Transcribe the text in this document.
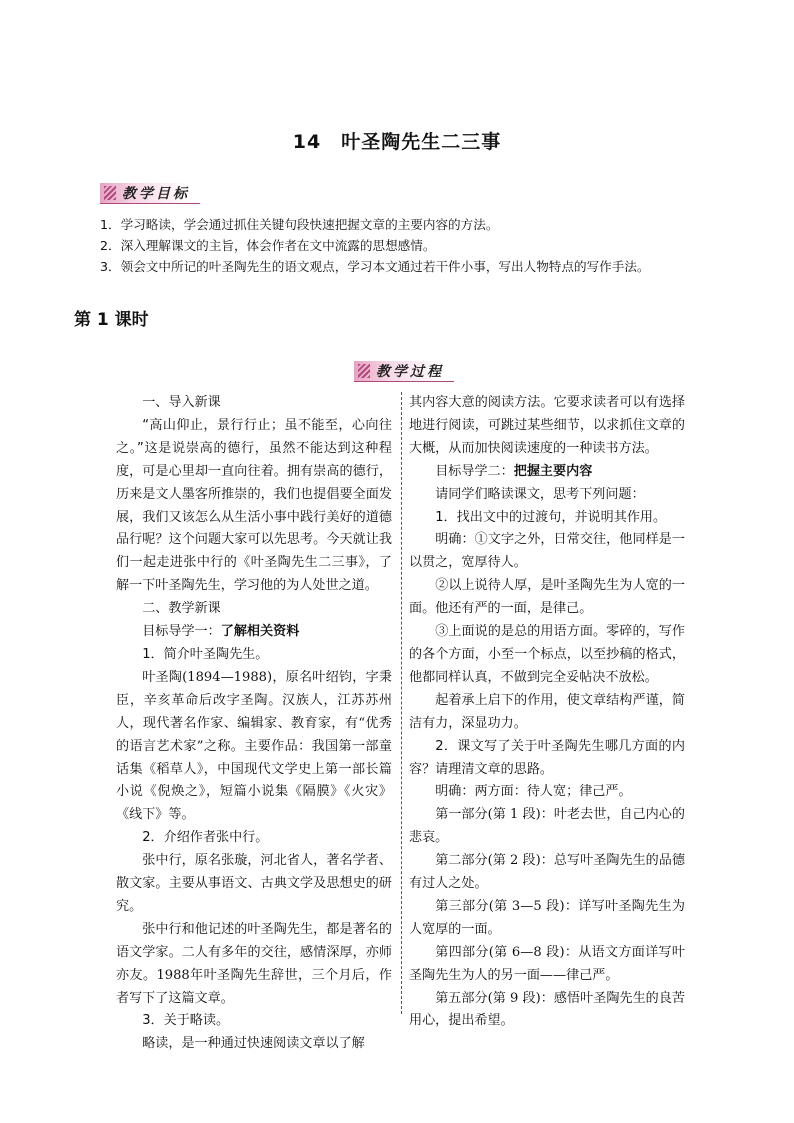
14　叶圣陶先生二三事
教学目标
1．学习略读，学会通过抓住关键句段快速把握文章的主要内容的方法。
2．深入理解课文的主旨，体会作者在文中流露的思想感情。
3．领会文中所记的叶圣陶先生的语文观点，学习本文通过若干件小事，写出人物特点的写作手法。
第 1 课时
教学过程

一、导入新课

“高山仰止，景行行止；虽不能至，心向往之。”这是说崇高的德行，虽然不能达到这种程度，可是心里却一直向往着。拥有崇高的德行，历来是文人墨客所推崇的，我们也提倡要全面发展，我们又该怎么从生活小事中践行美好的道德品行呢？这个问题大家可以先思考。今天就让我们一起走进张中行的《叶圣陶先生二三事》，了解一下叶圣陶先生，学习他的为人处世之道。

二、教学新课

目标导学一：了解相关资料

1．简介叶圣陶先生。

叶圣陶(1894—1988)，原名叶绍钧，字秉臣，辛亥革命后改字圣陶。汉族人，江苏苏州人，现代著名作家、编辑家、教育家，有“优秀的语言艺术家”之称。主要作品：我国第一部童话集《稻草人》，中国现代文学史上第一部长篇小说《倪焕之》，短篇小说集《隔膜》《火灾》《线下》等。

2．介绍作者张中行。

张中行，原名张璇，河北省人，著名学者、散文家。主要从事语文、古典文学及思想史的研究。

张中行和他记述的叶圣陶先生，都是著名的语文学家。二人有多年的交往，感情深厚，亦师亦友。1988年叶圣陶先生辞世，三个月后，作者写下了这篇文章。

3．关于略读。

略读，是一种通过快速阅读文章以了解

其内容大意的阅读方法。它要求读者可以有选择地进行阅读，可跳过某些细节，以求抓住文章的大概，从而加快阅读速度的一种读书方法。

目标导学二：把握主要内容

请同学们略读课文，思考下列问题：

1．找出文中的过渡句，并说明其作用。

明确：①文字之外，日常交往，他同样是一以贯之，宽厚待人。

②以上说待人厚，是叶圣陶先生为人宽的一面。他还有严的一面，是律己。

③上面说的是总的用语方面。零碎的，写作的各个方面，小至一个标点，以至抄稿的格式，他都同样认真，不做到完全妥帖决不放松。

起着承上启下的作用，使文章结构严谨，简洁有力，深显功力。

2．课文写了关于叶圣陶先生哪几方面的内容？请理清文章的思路。

明确：两方面：待人宽；律己严。

第一部分(第 1 段)：叶老去世，自己内心的悲哀。

第二部分(第 2 段)：总写叶圣陶先生的品德有过人之处。

第三部分(第 3—5 段)：详写叶圣陶先生为人宽厚的一面。

第四部分(第 6—8 段)：从语文方面详写叶圣陶先生为人的另一面——律己严。

第五部分(第 9 段)：感悟叶圣陶先生的良苦用心，提出希望。
